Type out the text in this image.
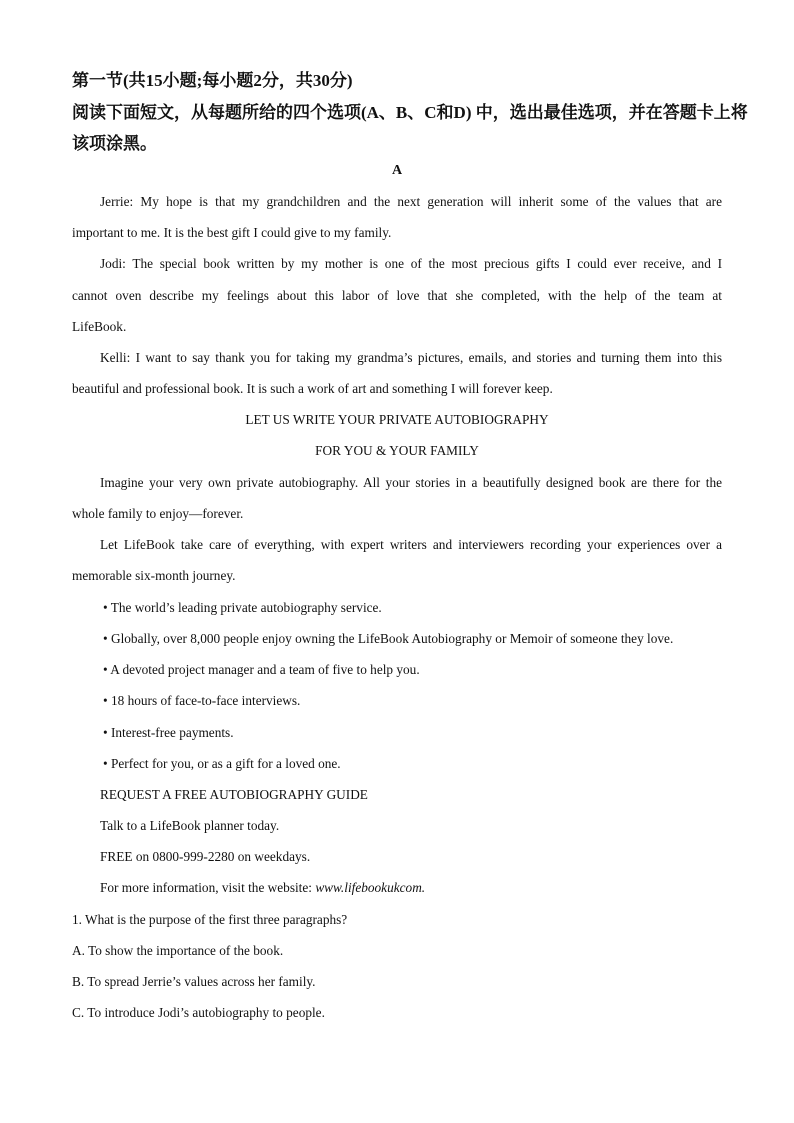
第一节(共15小题;每小题2分，共30分)
阅读下面短文，从每题所给的四个选项(A、B、C和D) 中，选出最佳选项，并在答题卡上将
该项涂黑。
A
Jerrie: My hope is that my grandchildren and the next generation will inherit some of the values that are
important to me. It is the best gift I could give to my family.
Jodi: The special book written by my mother is one of the most precious gifts I could ever receive, and I
cannot oven describe my feelings about this labor of love that she completed, with the help of the team at
LifeBook.
Kelli: I want to say thank you for taking my grandma’s pictures, emails, and stories and turning them into this
beautiful and professional book. It is such a work of art and something I will forever keep.
LET US WRITE YOUR PRIVATE AUTOBIOGRAPHY
FOR YOU & YOUR FAMILY
Imagine your very own private autobiography. All your stories in a beautifully designed book are there for the
whole family to enjoy—forever.
Let LifeBook take care of everything, with expert writers and interviewers recording your experiences over a
memorable six-month journey.
• The world’s leading private autobiography service.
• Globally, over 8,000 people enjoy owning the LifeBook Autobiography or Memoir of someone they love.
• A devoted project manager and a team of five to help you.
• 18 hours of face-to-face interviews.
• Interest-free payments.
• Perfect for you, or as a gift for a loved one.
REQUEST A FREE AUTOBIOGRAPHY GUIDE
Talk to a LifeBook planner today.
FREE on 0800-999-2280 on weekdays.
For more information, visit the website: www.lifebookukcom.
1. What is the purpose of the first three paragraphs?
A. To show the importance of the book.
B. To spread Jerrie’s values across her family.
C. To introduce Jodi’s autobiography to people.
